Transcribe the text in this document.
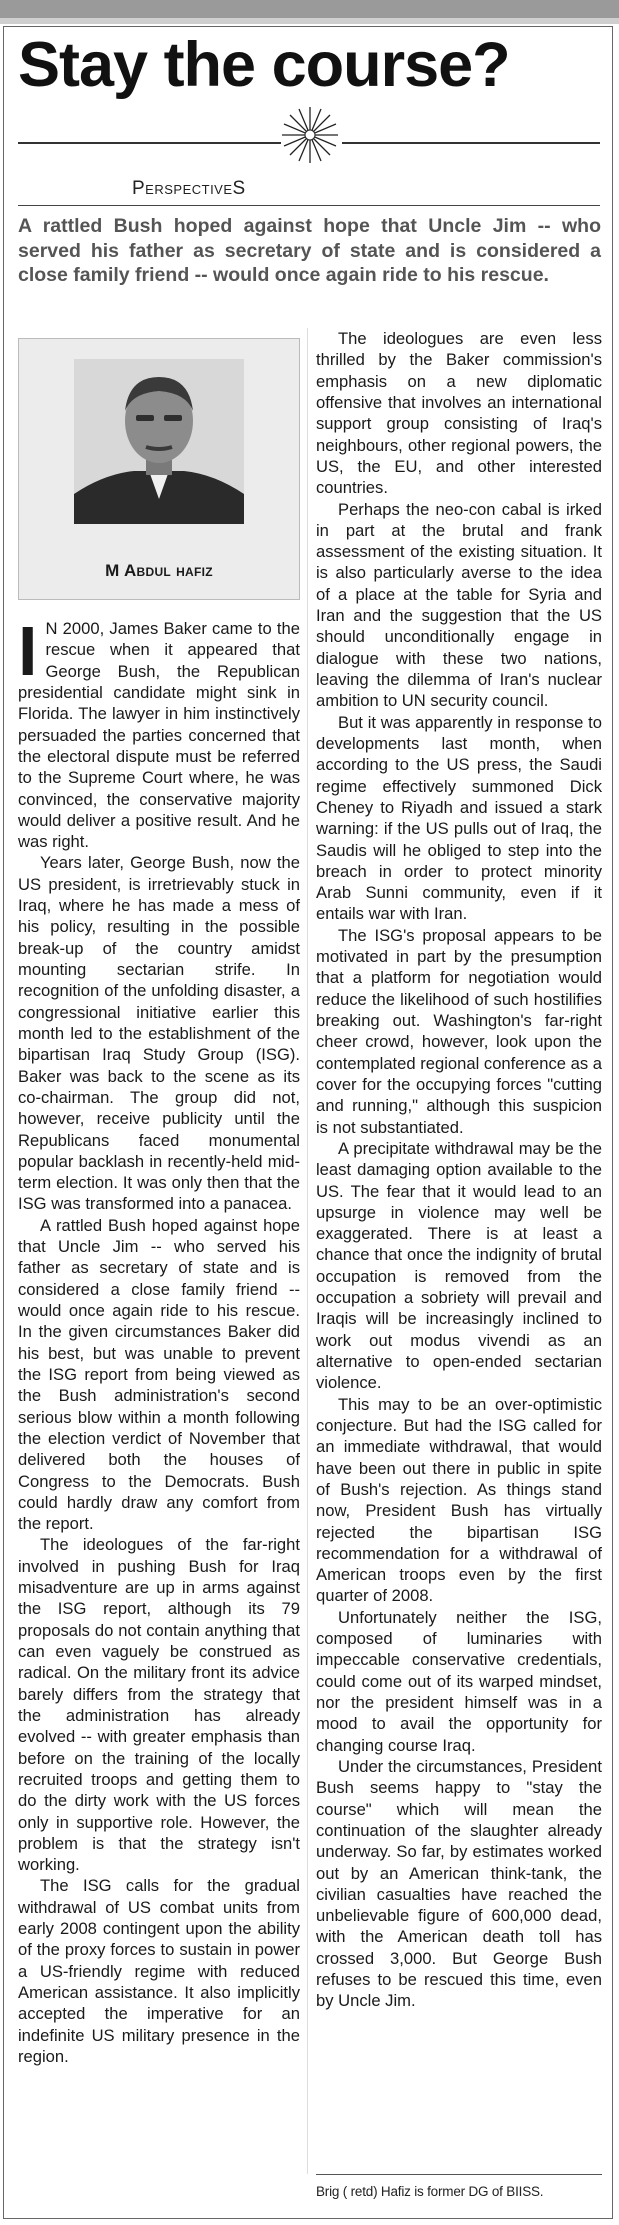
Stay the course?
PerspectiveS

A rattled Bush hoped against hope that Uncle Jim -- who served his father as secretary of state and is considered a close family friend -- would once again ride to his rescue.

M Abdul hafiz

I N 2000, James Baker came to the rescue when it appeared that George Bush, the Republican presidential candidate might sink in Florida. The lawyer in him instinctively persuaded the parties concerned that the electoral dispute must be referred to the Supreme Court where, he was convinced, the conservative majority would deliver a positive result. And he was right.

Years later, George Bush, now the US president, is irretrievably stuck in Iraq, where he has made a mess of his policy, resulting in the possible break-up of the country amidst mounting sectarian strife. In recognition of the unfolding disaster, a congressional initiative earlier this month led to the establishment of the bipartisan Iraq Study Group (ISG). Baker was back to the scene as its co-chairman. The group did not, however, receive publicity until the Republicans faced monumental popular backlash in recently-held mid-term election. It was only then that the ISG was transformed into a panacea.

A rattled Bush hoped against hope that Uncle Jim -- who served his father as secretary of state and is considered a close family friend -- would once again ride to his rescue. In the given circumstances Baker did his best, but was unable to prevent the ISG report from being viewed as the Bush administration's second serious blow within a month following the election verdict of November that delivered both the houses of Congress to the Democrats. Bush could hardly draw any comfort from the report.

The ideologues of the far-right involved in pushing Bush for Iraq misadventure are up in arms against the ISG report, although its 79 proposals do not contain anything that can even vaguely be construed as radical. On the military front its advice barely differs from the strategy that the administration has already evolved -- with greater emphasis than before on the training of the locally recruited troops and getting them to do the dirty work with the US forces only in supportive role. However, the problem is that the strategy isn't working.

The ISG calls for the gradual withdrawal of US combat units from early 2008 contingent upon the ability of the proxy forces to sustain in power a US-friendly regime with reduced American assistance. It also implicitly accepted the imperative for an indefinite US military presence in the region.

The ideologues are even less thrilled by the Baker commission's emphasis on a new diplomatic offensive that involves an international support group consisting of Iraq's neighbours, other regional powers, the US, the EU, and other interested countries.

Perhaps the neo-con cabal is irked in part at the brutal and frank assessment of the existing situation. It is also particularly averse to the idea of a place at the table for Syria and Iran and the suggestion that the US should unconditionally engage in dialogue with these two nations, leaving the dilemma of Iran's nuclear ambition to UN security council.

But it was apparently in response to developments last month, when according to the US press, the Saudi regime effectively summoned Dick Cheney to Riyadh and issued a stark warning: if the US pulls out of Iraq, the Saudis will he obliged to step into the breach in order to protect minority Arab Sunni community, even if it entails war with Iran.

The ISG's proposal appears to be motivated in part by the presumption that a platform for negotiation would reduce the likelihood of such hostilifies breaking out. Washington's far-right cheer crowd, however, look upon the contemplated regional conference as a cover for the occupying forces "cutting and running," although this suspicion is not substantiated.

A precipitate withdrawal may be the least damaging option available to the US. The fear that it would lead to an upsurge in violence may well be exaggerated. There is at least a chance that once the indignity of brutal occupation is removed from the occupation a sobriety will prevail and Iraqis will be increasingly inclined to work out modus vivendi as an alternative to open-ended sectarian violence.

This may to be an over-optimistic conjecture. But had the ISG called for an immediate withdrawal, that would have been out there in public in spite of Bush's rejection. As things stand now, President Bush has virtually rejected the bipartisan ISG recommendation for a withdrawal of American troops even by the first quarter of 2008.

Unfortunately neither the ISG, composed of luminaries with impeccable conservative credentials, could come out of its warped mindset, nor the president himself was in a mood to avail the opportunity for changing course Iraq.

Under the circumstances, President Bush seems happy to "stay the course" which will mean the continuation of the slaughter already underway. So far, by estimates worked out by an American think-tank, the civilian casualties have reached the unbelievable figure of 600,000 dead, with the American death toll has crossed 3,000. But George Bush refuses to be rescued this time, even by Uncle Jim.

Brig ( retd) Hafiz is former DG of BIISS.
